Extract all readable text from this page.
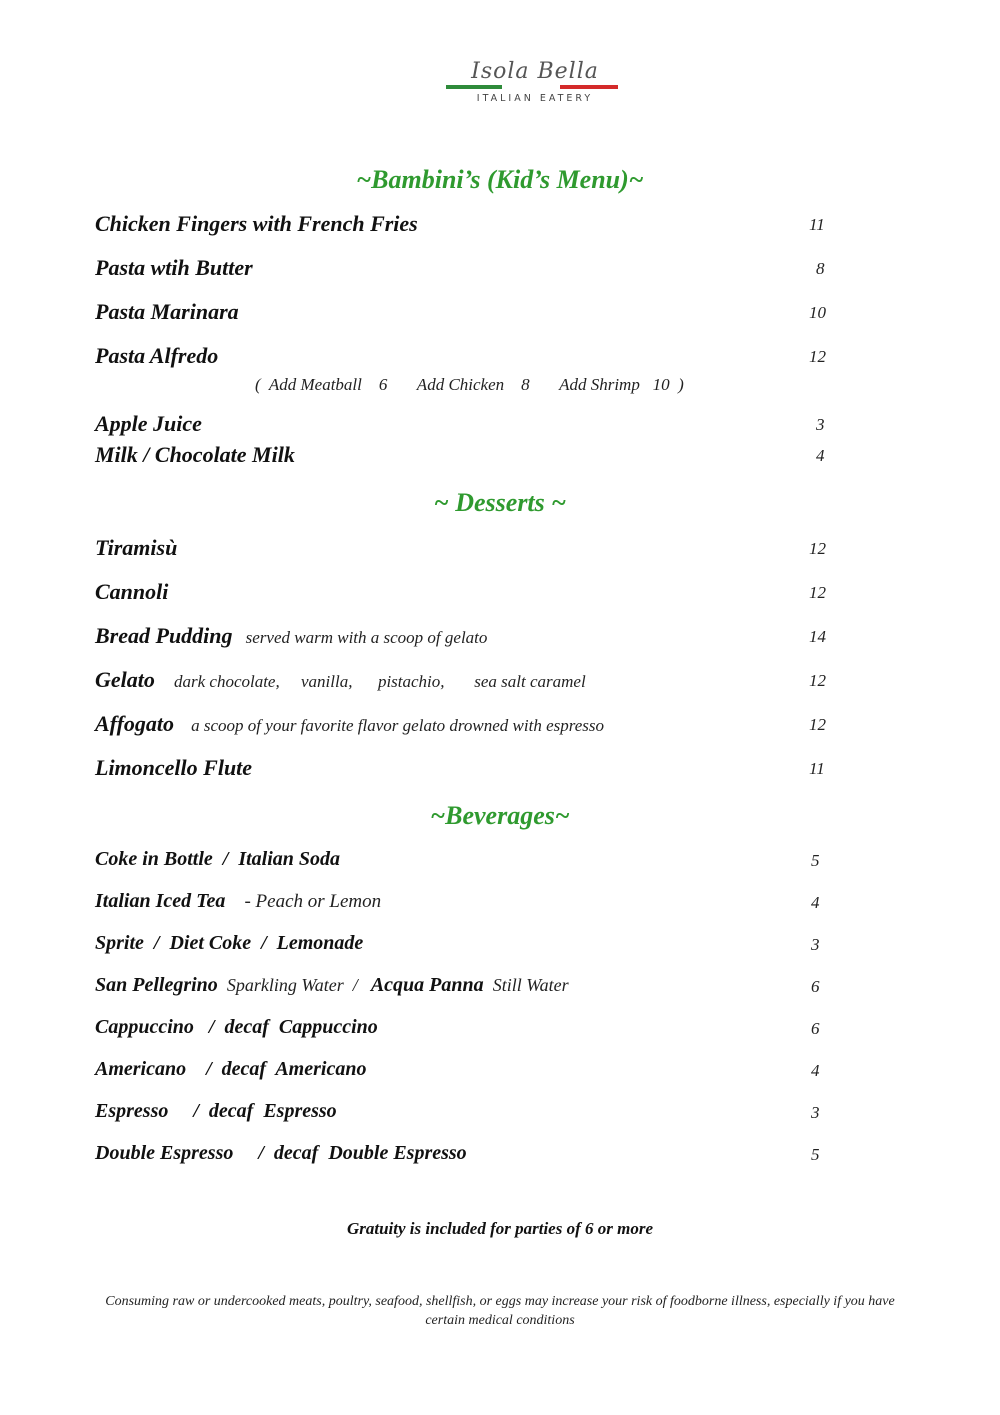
Isola Bella
ITALIAN EATERY
~Bambini’s (Kid’s Menu)~
Chicken Fingers with French Fries	11
Pasta wtih Butter	8
Pasta Marinara	10
Pasta Alfredo	12
(  Add Meatball    6       Add Chicken    8       Add Shrimp   10  )
Apple Juice	3
Milk / Chocolate Milk	4
~ Desserts ~
Tiramisù	12
Cannoli	12
Bread Pudding served warm with a scoop of gelato	14
Gelato dark chocolate,     vanilla,      pistachio,       sea salt caramel	12
Affogato a scoop of your favorite flavor gelato drowned with espresso	12
Limoncello Flute	11
~Beverages~
Coke in Bottle  /  Italian Soda	5
Italian Iced Tea - Peach or Lemon	4
Sprite  /  Diet Coke  /  Lemonade	3
San Pellegrino Sparkling Water  / Acqua Panna Still Water	6
Cappuccino   /  decaf  Cappuccino	6
Americano    /  decaf  Americano	4
Espresso     /  decaf  Espresso	3
Double Espresso     /  decaf  Double Espresso	5
Gratuity is included for parties of 6 or more
Consuming raw or undercooked meats, poultry, seafood, shellfish, or eggs may increase your risk of foodborne illness, especially if you have certain medical conditions
